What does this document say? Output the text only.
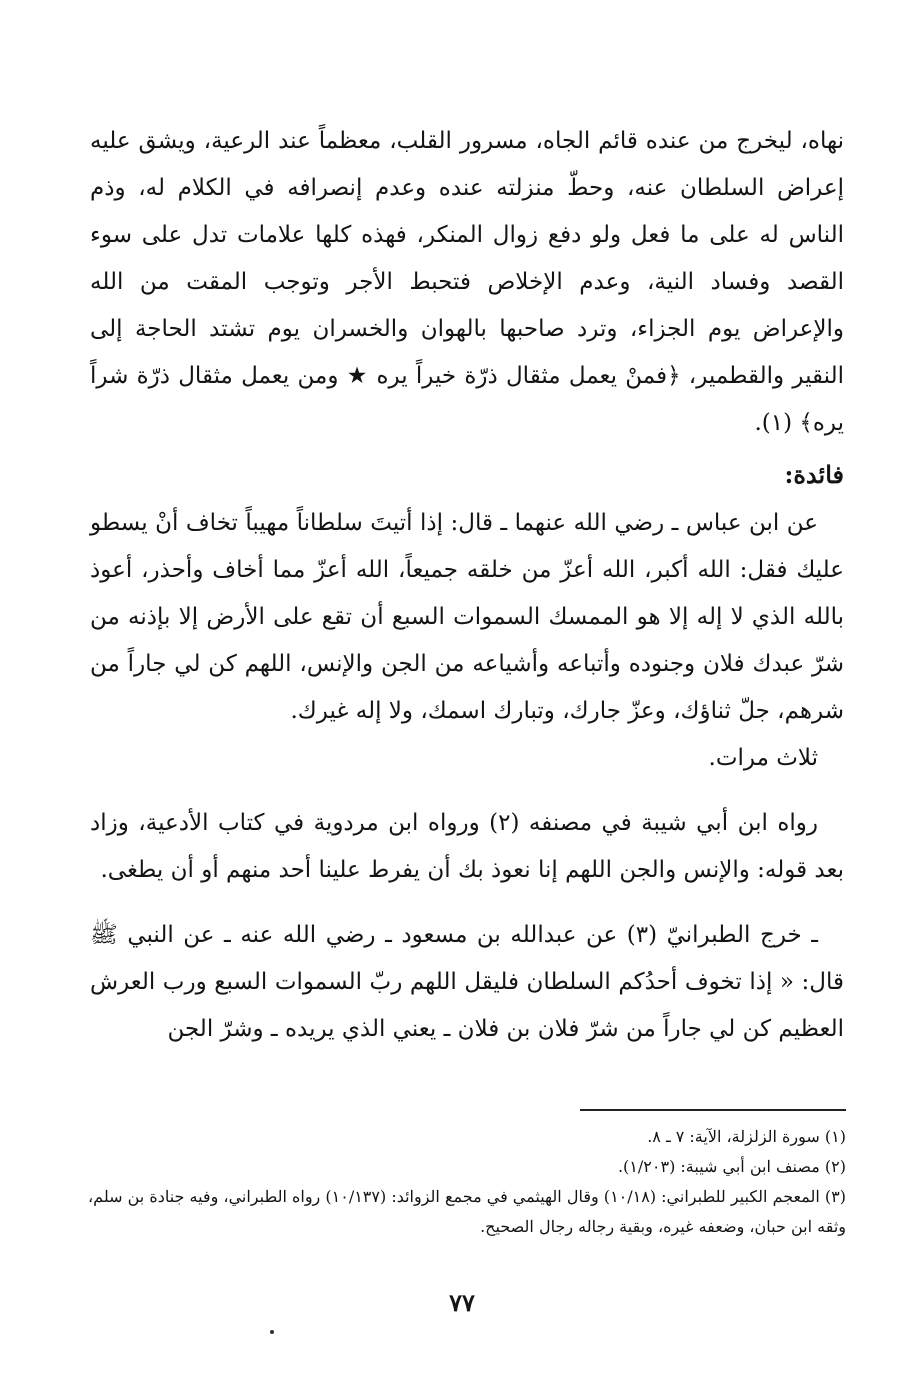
نهاه، ليخرج من عنده قائم الجاه، مسرور القلب، معظماً عند الرعية، ويشق عليه إعراض السلطان عنه، وحطّ منزلته عنده وعدم إنصرافه في الكلام له، وذم الناس له على ما فعل ولو دفع زوال المنكر، فهذه كلها علامات تدل على سوء القصد وفساد النية، وعدم الإخلاص فتحبط الأجر وتوجب المقت من الله والإعراض يوم الجزاء، وترد صاحبها بالهوان والخسران يوم تشتد الحاجة إلى النقير والقطمير، ﴿فمنْ يعمل مثقال ذرّة خيراً يره ★ ومن يعمل مثقال ذرّة شراً يره﴾ (١).

فائدة:

عن ابن عباس ـ رضي الله عنهما ـ قال: إذا أتيتَ سلطاناً مهيباً تخاف أنْ يسطو عليك فقل: الله أكبر، الله أعزّ من خلقه جميعاً، الله أعزّ مما أخاف وأحذر، أعوذ بالله الذي لا إله إلا هو الممسك السموات السبع أن تقع على الأرض إلا بإذنه من شرّ عبدك فلان وجنوده وأتباعه وأشياعه من الجن والإنس، اللهم كن لي جاراً من شرهم، جلّ ثناؤك، وعزّ جارك، وتبارك اسمك، ولا إله غيرك.

ثلاث مرات.

رواه ابن أبي شيبة في مصنفه (٢) ورواه ابن مردوية في كتاب الأدعية، وزاد بعد قوله: والإنس والجن اللهم إنا نعوذ بك أن يفرط علينا أحد منهم أو أن يطغى.

ـ خرج الطبرانيّ (٣) عن عبدالله بن مسعود ـ رضي الله عنه ـ عن النبي ﷺ قال: « إذا تخوف أحدُكم السلطان فليقل اللهم ربّ السموات السبع ورب العرش العظيم كن لي جاراً من شرّ فلان بن فلان ـ يعني الذي يريده ـ وشرّ الجن

(١) سورة الزلزلة، الآية: ٧ ـ ٨.

(٢) مصنف ابن أبي شيبة: (١/٢٠٣).

(٣) المعجم الكبير للطبراني: (١٠/١٨) وقال الهيثمي في مجمع الزوائد: (١٠/١٣٧) رواه الطبراني، وفيه جنادة بن سلم، وثقه ابن حبان، وضعفه غيره، وبقية رجاله رجال الصحيح.

٧٧
